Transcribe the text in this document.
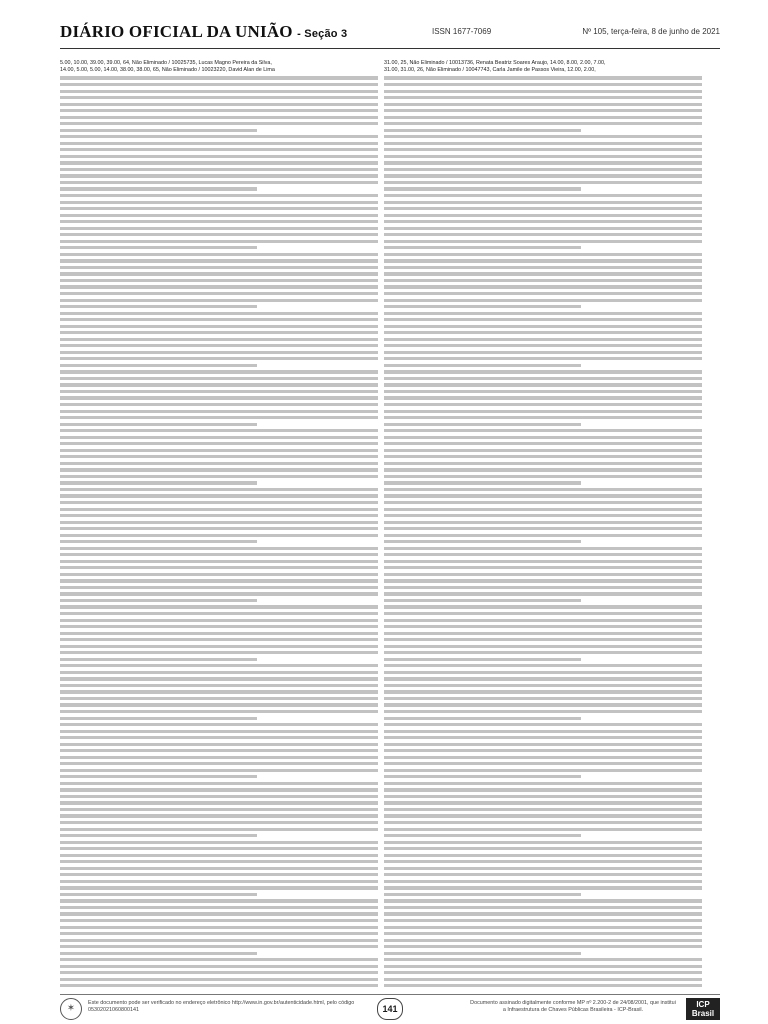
DIÁRIO OFICIAL DA UNIÃO - Seção 3	ISSN 1677-7069	Nº 105, terça-feira, 8 de junho de 2021
5.00, 10.00, 39.00, 39.00, 64, Não Eliminado / 10025735, Lucas Magno Pereira da Silva,
14.00, 5.00, 5.00, 14.00, 38.00, 38.00, 65, Não Eliminado / 10023220, David Alan de Lima
31.00, 25, Não Eliminado / 10013736, Renata Beatriz Soares Araujo, 14.00, 8.00, 2.00, 7.00,
31.00, 31.00, 26, Não Eliminado / 10047743, Carla Jamile de Passos Vieira, 12.00, 2.00,
✶	Este documento pode ser verificado no endereço eletrônico http://www.in.gov.br/autenticidade.html, pelo código 05302021060800141	141
Documento assinado digitalmente conforme MP nº 2.200-2 de 24/08/2001, que institui a Infraestrutura de Chaves Públicas Brasileira - ICP-Brasil.
ICP Brasil
